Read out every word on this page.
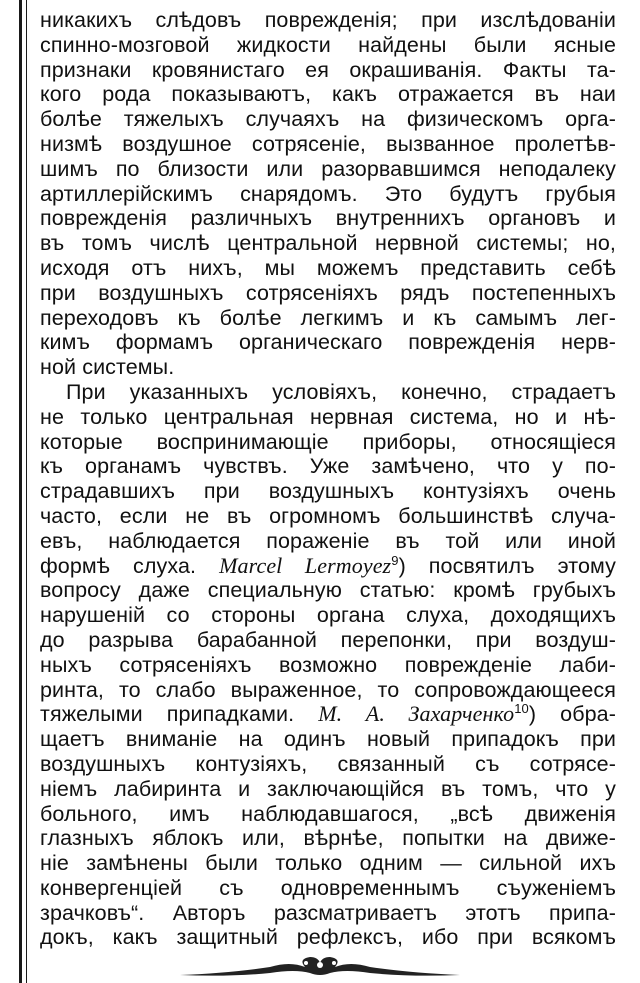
никакихъ слѣдовъ поврежденія; при изслѣдованіи
спинно-мозговой жидкости найдены были ясные
признаки кровянистаго ея окрашиванія. Факты та-
кого рода показываютъ, какъ отражается въ наи
болѣе тяжелыхъ случаяхъ на физическомъ орга-
низмѣ воздушное сотрясеніе, вызванное пролетѣв-
шимъ по близости или разорвавшимся неподалеку
артиллерійскимъ снарядомъ. Это будутъ грубыя
поврежденія различныхъ внутреннихъ органовъ и
въ томъ числѣ центральной нервной системы; но,
исходя отъ нихъ, мы можемъ представить себѣ
при воздушныхъ сотрясеніяхъ рядъ постепенныхъ
переходовъ къ болѣе легкимъ и къ самымъ лег-
кимъ формамъ органическаго поврежденія нерв-
ной системы.
При указанныхъ условіяхъ, конечно, страдаетъ
не только центральная нервная система, но и нѣ-
которые воспринимающіе приборы, относящіеся
къ органамъ чувствъ. Уже замѣчено, что у по-
страдавшихъ при воздушныхъ контузіяхъ очень
часто, если не въ огромномъ большинствѣ случа-
евъ, наблюдается пораженіе въ той или иной
формѣ слуха. Marcel Lermoyez$^9$) посвятилъ этому
вопросу даже специальную статью: кромѣ грубыхъ
нарушеній со стороны органа слуха, доходящихъ
до разрыва барабанной перепонки, при воздуш-
ныхъ сотрясеніяхъ возможно поврежденіе лаби-
ринта, то слабо выраженное, то сопровождающееся
тяжелыми припадками. М. А. Захарченко$^{10}$) обра-
щаетъ вниманіе на одинъ новый припадокъ при
воздушныхъ контузіяхъ, связанный съ сотрясе-
ніемъ лабиринта и заключающійся въ томъ, что у
больного, имъ наблюдавшагося, „всѣ движенія
глазныхъ яблокъ или, вѣрнѣе, попытки на движе-
ніе замѣнены были только одним — сильной ихъ
конвергенціей съ одновременнымъ съуженіемъ
зрачковъ“. Авторъ разсматриваетъ этотъ припа-
докъ, какъ защитный рефлексъ, ибо при всякомъ
